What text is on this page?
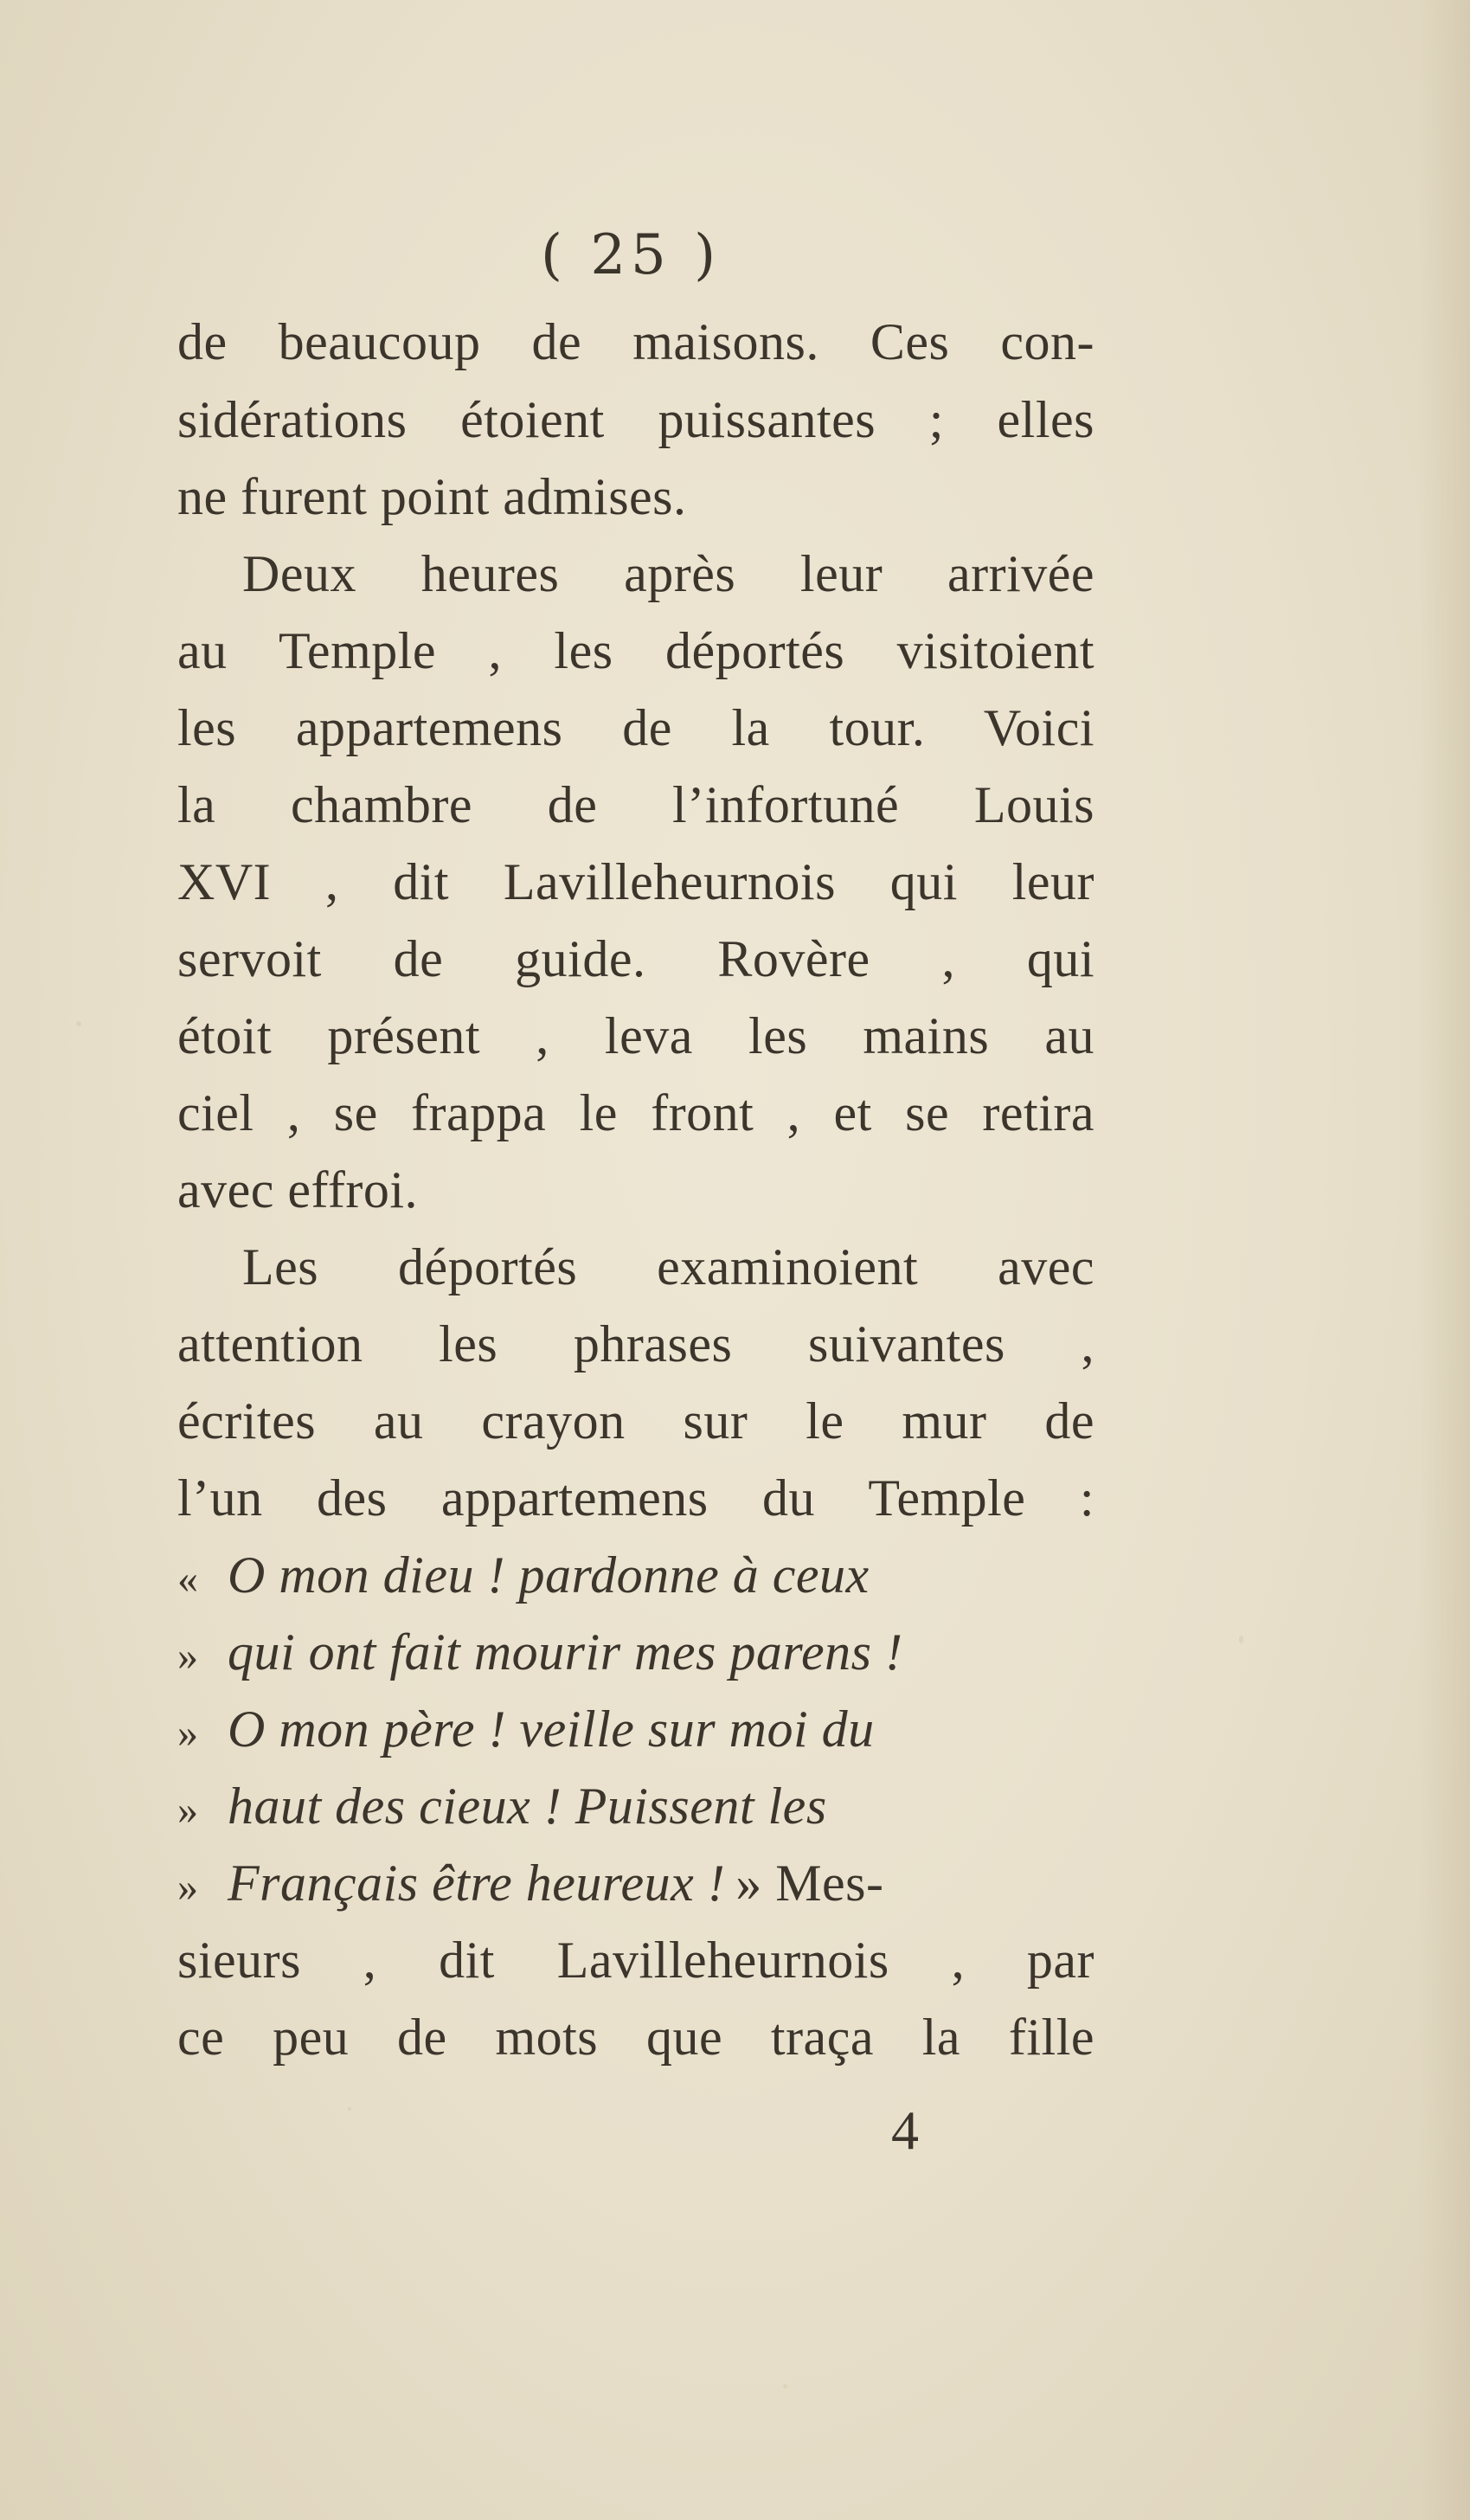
( 25 )
de beaucoup de maisons. Ces con-
sidérations étoient puissantes ; elles
ne furent point admises.
Deux heures après leur arrivée
au Temple , les déportés visitoient
les appartemens de la tour. Voici
la chambre de l’infortuné Louis
XVI , dit Lavilleheurnois qui leur
servoit de guide. Rovère , qui
étoit présent , leva les mains au
ciel , se frappa le front , et se retira
avec effroi.
Les déportés examinoient avec
attention les phrases suivantes ,
écrites au crayon sur le mur de
l’un des appartemens du Temple :
« O mon dieu ! pardonne à ceux
» qui ont fait mourir mes parens !
» O mon père ! veille sur moi du
» haut des cieux ! Puissent les
» Français être heureux ! » Mes-
sieurs , dit Lavilleheurnois , par
ce peu de mots que traça la fille
4
